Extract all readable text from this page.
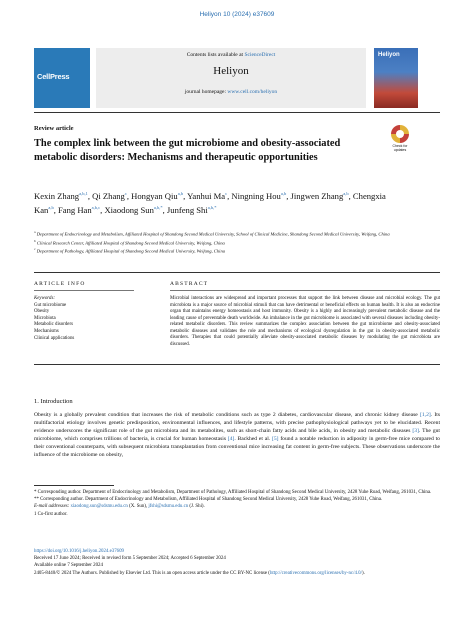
Heliyon 10 (2024) e37609
CellPress
Contents lists available at ScienceDirect
Heliyon
journal homepage: www.cell.com/heliyon
Heliyon
Review article
The complex link between the gut microbiome and obesity-associated metabolic disorders: Mechanisms and therapeutic opportunities
Check for updates
Kexin Zhang$^{a,b,1}$, Qi Zhang$^c$, Hongyan Qiu$^{a,b}$, Yanhui Ma$^c$, Ningning Hou$^{a,b}$, Jingwen Zhang$^{a,b}$, Chengxia Kan$^{a,b}$, Fang Han$^{a,b,c}$, Xiaodong Sun$^{a,b,*}$, Junfeng Shi$^{a,b,*}$
$^a$ Department of Endocrinology and Metabolism, Affiliated Hospital of Shandong Second Medical University, School of Clinical Medicine, Shandong Second Medical University, Weifang, China
$^b$ Clinical Research Center, Affiliated Hospital of Shandong Second Medical University, Weifang, China
$^c$ Department of Pathology, Affiliated Hospital of Shandong Second Medical University, Weifang, China
ARTICLE INFO
Keywords:
Gut microbiome
Obesity
Microbiota
Metabolic disorders
Mechanisms
Clinical applications
ABSTRACT
Microbial interactions are widespread and important processes that support the link between disease and microbial ecology. The gut microbiota is a major source of microbial stimuli that can have detrimental or beneficial effects on human health. It is also an endocrine organ that maintains energy homeostasis and host immunity. Obesity is a highly and increasingly prevalent metabolic disease and the leading cause of preventable death worldwide. An imbalance in the gut microbiome is associated with several diseases including obesity-related metabolic disorders. This review summarizes the complex association between the gut microbiome and obesity-associated metabolic diseases and validates the role and mechanisms of ecological dysregulation in the gut in obesity-associated metabolic disorders. Therapies that could potentially alleviate obesity-associated metabolic diseases by modulating the gut microbiota are discussed.
1. Introduction
Obesity is a globally prevalent condition that increases the risk of metabolic conditions such as type 2 diabetes, cardiovascular disease, and chronic kidney disease [1,2]. Its multifactorial etiology involves genetic predisposition, environmental influences, and lifestyle patterns, with precise pathophysiological pathways yet to be elucidated. Recent evidence underscores the significant role of the gut microbiota and its metabolites, such as short-chain fatty acids and bile acids, in obesity and metabolic diseases [3]. The gut microbiome, which comprises trillions of bacteria, is crucial for human homeostasis [4]. Backhed et al. [5] found a notable reduction in adiposity in germ-free mice compared to their conventional counterparts, with subsequent microbiota transplantation from conventional mice increasing fat content in germ-free subjects. These observations underscore the influence of the microbiome on obesity,
* Corresponding author. Department of Endocrinology and Metabolism, Department of Pathology, Affiliated Hospital of Shandong Second Medical University, 2428 Yuhe Road, Weifang, 261031, China.
** Corresponding author. Department of Endocrinology and Metabolism, Affiliated Hospital of Shandong Second Medical University, 2428 Yuhe Road, Weifang, 261031, China.
E-mail addresses: xiaodong.sun@sdsmu.edu.cn (X. Sun), jfshi@sdsmu.edu.cn (J. Shi).
1 Co-first author.
https://doi.org/10.1016/j.heliyon.2024.e37609
Received 17 June 2024; Received in revised form 5 September 2024; Accepted 6 September 2024
Available online 7 September 2024
2405-8440/© 2024 The Authors. Published by Elsevier Ltd. This is an open access article under the CC BY-NC license (http://creativecommons.org/licenses/by-nc/4.0/).
